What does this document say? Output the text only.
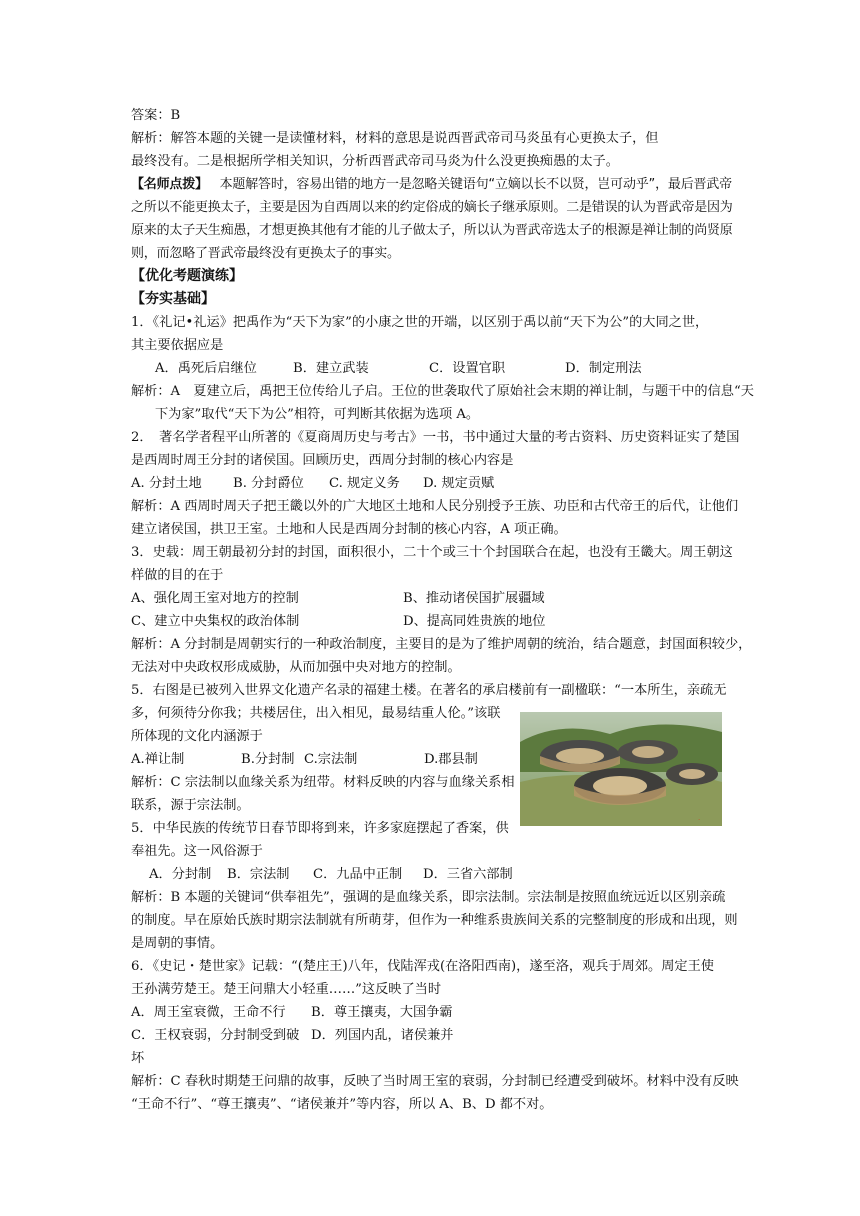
答案：B
解析：解答本题的关键一是读懂材料，材料的意思是说西晋武帝司马炎虽有心更换太子，但
最终没有。二是根据所学相关知识，分析西晋武帝司马炎为什么没更换痴愚的太子。
【名师点拨】 本题解答时，容易出错的地方一是忽略关键语句“立嫡以长不以贤，岂可动乎”，最后晋武帝之所以不能更换太子，主要是因为自西周以来的约定俗成的嫡长子继承原则。二是错误的认为晋武帝是因为原来的太子天生痴愚，才想更换其他有才能的儿子做太子，所以认为晋武帝选太子的根源是禅让制的尚贤原则，而忽略了晋武帝最终没有更换太子的事实。
【优化考题演练】
【夯实基础】
1．《礼记•礼运》把禹作为“天下为家”的小康之世的开端，以区别于禹以前“天下为公”的大同之世，
其主要依据应是
A．禹死后启继位	B．建立武装	C．设置官职	D．制定刑法
解析：A　夏建立后，禹把王位传给儿子启。王位的世袭取代了原始社会末期的禅让制，与题干中的信息“天
下为家”取代“天下为公”相符，可判断其依据为选项 A。
2．　著名学者程平山所著的《夏商周历史与考古》一书，书中通过大量的考古资料、历史资料证实了楚国
是西周时周王分封的诸侯国。回顾历史，西周分封制的核心内容是
A. 分封土地	B. 分封爵位	C. 规定义务	D. 规定贡赋
解析：A 西周时周天子把王畿以外的广大地区土地和人民分别授予王族、功臣和古代帝王的后代，让他们
建立诸侯国，拱卫王室。土地和人民是西周分封制的核心内容，A 项正确。
3．史载：周王朝最初分封的封国，面积很小，二十个或三十个封国联合在起，也没有王畿大。周王朝这
样做的目的在于
A、强化周王室对地方的控制	B、推动诸侯国扩展疆域
C、建立中央集权的政治体制	D、提高同姓贵族的地位
解析：A 分封制是周朝实行的一种政治制度，主要目的是为了维护周朝的统治，结合题意，封国面积较少，
无法对中央政权形成威胁，从而加强中央对地方的控制。
5．右图是已被列入世界文化遗产名录的福建土楼。在著名的承启楼前有一副楹联：“一本所生，亲疏无
多，何须待分你我；共楼居住，出入相见，最易结重人伦。”该联
所体现的文化内涵源于
A.禅让制	B.分封制 C.宗法制	D.郡县制
解析：C 宗法制以血缘关系为纽带。材料反映的内容与血缘关系相
联系，源于宗法制。
5．中华民族的传统节日春节即将到来，许多家庭摆起了香案，供
奉祖先。这一风俗源于
A．分封制	B．宗法制	C．九品中正制	D．三省六部制
解析：B 本题的关键词“供奉祖先”，强调的是血缘关系，即宗法制。宗法制是按照血统远近以区别亲疏
的制度。早在原始氏族时期宗法制就有所萌芽，但作为一种维系贵族间关系的完整制度的形成和出现，则
是周朝的事情。
6．《史记・楚世家》记载：“(楚庄王)八年，伐陆浑戎(在洛阳西南)，遂至洛，观兵于周郊。周定王使
王孙满劳楚王。楚王问鼎大小轻重……”这反映了当时
A．周王室衰微，王命不行	B．尊王攘夷，大国争霸
C．王权衰弱，分封制受到破坏
D．列国内乱，诸侯兼并
解析：C 春秋时期楚王问鼎的故事，反映了当时周王室的衰弱，分封制已经遭受到破坏。材料中没有反映
“王命不行”、“尊王攘夷”、“诸侯兼并”等内容，所以 A、B、D 都不对。
.
